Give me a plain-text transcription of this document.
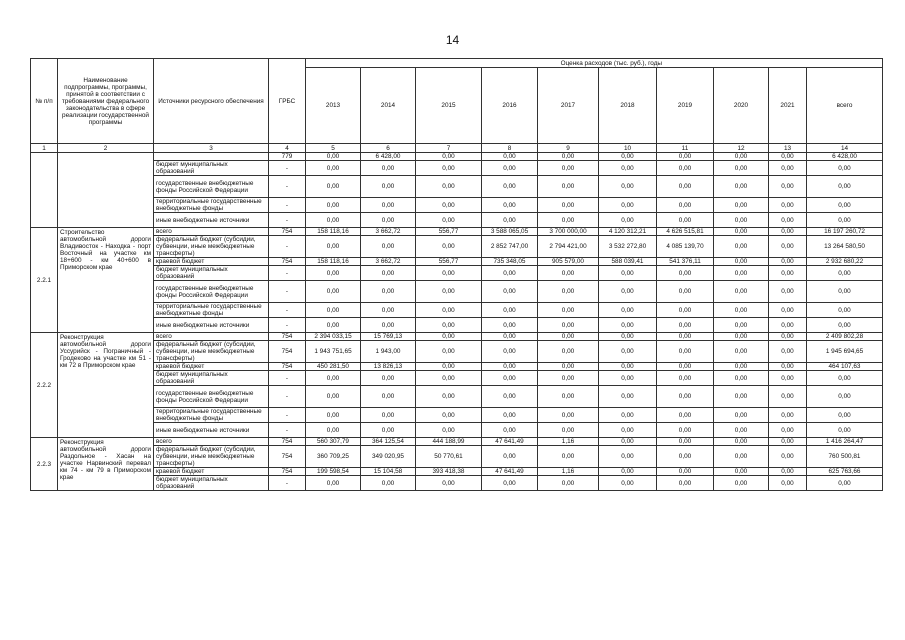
14
№ п/п	Наименование подпрограммы, программы, принятой в соответствии с требованиями федерального законодательства в сфере реализации государственной программы	Источники ресурсного обеспечения	ГРБС	Оценка расходов (тыс. руб.), годы									
				2013	2014	2015	2016	2017	2018	2019	2020	2021	всего
1	2	3	4	5	6	7	8	9	10	11	12	13	14
			779	0,00	6 428,00	0,00	0,00	0,00	0,00	0,00	0,00	0,00	6 428,00
		бюджет муниципальных образований	-	0,00	0,00	0,00	0,00	0,00	0,00	0,00	0,00	0,00	0,00
		государственные внебюджетные фонды Российской Федерации	-	0,00	0,00	0,00	0,00	0,00	0,00	0,00	0,00	0,00	0,00
		территориальные государственные внебюджетные фонды	-	0,00	0,00	0,00	0,00	0,00	0,00	0,00	0,00	0,00	0,00
		иные внебюджетные источники	-	0,00	0,00	0,00	0,00	0,00	0,00	0,00	0,00	0,00	0,00
2.2.1	Строительство автомобильной дороги Владивосток - Находка - порт Восточный на участке км 18+600 - км 40+600 в Приморском крае	всего	754	158 118,16	3 662,72	556,77	3 588 065,05	3 700 000,00	4 120 312,21	4 626 515,81	0,00	0,00	16 197 260,72
		федеральный бюджет (субсидии, субвенции, иные межбюджетные трансферты)	-	0,00	0,00	0,00	2 852 747,00	2 794 421,00	3 532 272,80	4 085 139,70	0,00	0,00	13 264 580,50
		краевой бюджет	754	158 118,16	3 662,72	556,77	735 348,05	905 579,00	588 039,41	541 376,11	0,00	0,00	2 932 680,22
		бюджет муниципальных образований	-	0,00	0,00	0,00	0,00	0,00	0,00	0,00	0,00	0,00	0,00
		государственные внебюджетные фонды Российской Федерации	-	0,00	0,00	0,00	0,00	0,00	0,00	0,00	0,00	0,00	0,00
		территориальные государственные внебюджетные фонды	-	0,00	0,00	0,00	0,00	0,00	0,00	0,00	0,00	0,00	0,00
		иные внебюджетные источники	-	0,00	0,00	0,00	0,00	0,00	0,00	0,00	0,00	0,00	0,00
2.2.2	Реконструкция автомобильной дороги Уссурийск - Пограничный - Гродеково на участке км 51 - км 72 в Приморском крае	всего	754	2 394 033,15	15 769,13	0,00	0,00	0,00	0,00	0,00	0,00	0,00	2 409 802,28
		федеральный бюджет (субсидии, субвенции, иные межбюджетные трансферты)	754	1 943 751,65	1 943,00	0,00	0,00	0,00	0,00	0,00	0,00	0,00	1 945 694,65
		краевой бюджет	754	450 281,50	13 826,13	0,00	0,00	0,00	0,00	0,00	0,00	0,00	464 107,63
		бюджет муниципальных образований	-	0,00	0,00	0,00	0,00	0,00	0,00	0,00	0,00	0,00	0,00
		государственные внебюджетные фонды Российской Федерации	-	0,00	0,00	0,00	0,00	0,00	0,00	0,00	0,00	0,00	0,00
		территориальные государственные внебюджетные фонды	-	0,00	0,00	0,00	0,00	0,00	0,00	0,00	0,00	0,00	0,00
		иные внебюджетные источники	-	0,00	0,00	0,00	0,00	0,00	0,00	0,00	0,00	0,00	0,00
2.2.3	Реконструкция автомобильной дороги Раздольное - Хасан на участке Нарвинский перевал км 74 - км 79 в Приморском крае	всего	754	560 307,79	364 125,54	444 188,99	47 641,49	1,16	0,00	0,00	0,00	0,00	1 416 264,47
		федеральный бюджет (субсидии, субвенции, иные межбюджетные трансферты)	754	360 709,25	349 020,95	50 770,61	0,00	0,00	0,00	0,00	0,00	0,00	760 500,81
		краевой бюджет	754	199 598,54	15 104,58	393 418,38	47 641,49	1,16	0,00	0,00	0,00	0,00	625 763,66
		бюджет муниципальных образований	-	0,00	0,00	0,00	0,00	0,00	0,00	0,00	0,00	0,00	0,00
